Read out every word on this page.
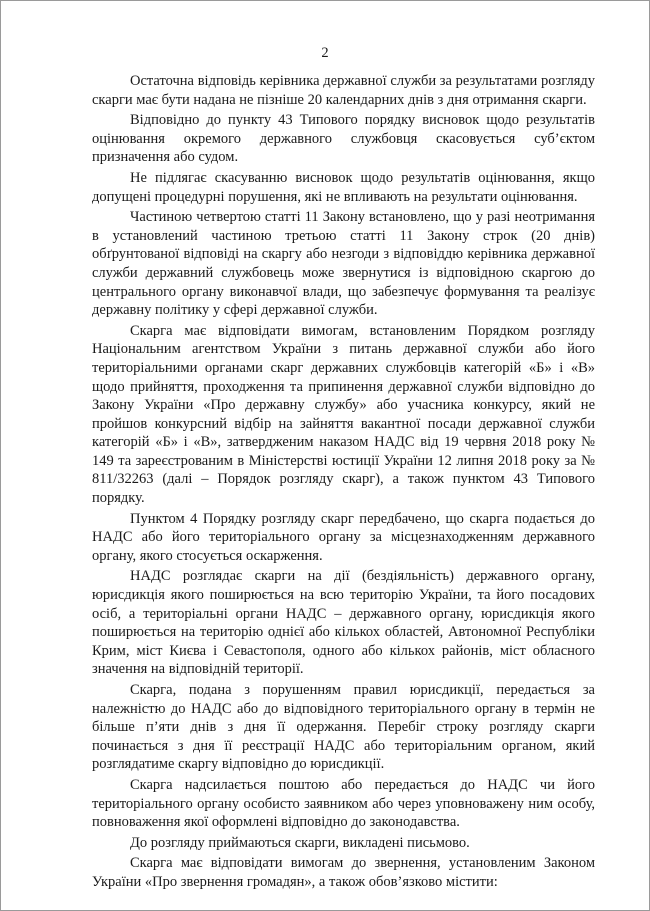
2

Остаточна відповідь керівника державної служби за результатами розгляду скарги має бути надана не пізніше 20 календарних днів з дня отримання скарги.

Відповідно до пункту 43 Типового порядку висновок щодо результатів оцінювання окремого державного службовця скасовується суб’єктом призначення або судом.

Не підлягає скасуванню висновок щодо результатів оцінювання, якщо допущені процедурні порушення, які не впливають на результати оцінювання.

Частиною четвертою статті 11 Закону встановлено, що у разі неотримання в установлений частиною третьою статті 11 Закону строк (20 днів) обґрунтованої відповіді на скаргу або незгоди з відповіддю керівника державної служби державний службовець може звернутися із відповідною скаргою до центрального органу виконавчої влади, що забезпечує формування та реалізує державну політику у сфері державної служби.

Скарга має відповідати вимогам, встановленим Порядком розгляду Національним агентством України з питань державної служби або його територіальними органами скарг державних службовців категорій «Б» і «В» щодо прийняття, проходження та припинення державної служби відповідно до Закону України «Про державну службу» або учасника конкурсу, який не пройшов конкурсний відбір на зайняття вакантної посади державної служби категорій «Б» і «В», затвердженим наказом НАДС від 19 червня 2018 року № 149 та зареєстрованим в Міністерстві юстиції України 12 липня 2018 року за № 811/32263 (далі – Порядок розгляду скарг), а також пунктом 43 Типового порядку.

Пунктом 4 Порядку розгляду скарг передбачено, що скарга подається до НАДС або його територіального органу за місцезнаходженням державного органу, якого стосується оскарження.

НАДС розглядає скарги на дії (бездіяльність) державного органу, юрисдикція якого поширюється на всю територію України, та його посадових осіб, а територіальні органи НАДС – державного органу, юрисдикція якого поширюється на територію однієї або кількох областей, Автономної Республіки Крим, міст Києва і Севастополя, одного або кількох районів, міст обласного значення на відповідній території.

Скарга, подана з порушенням правил юрисдикції, передається за належністю до НАДС або до відповідного територіального органу в термін не більше п’яти днів з дня її одержання. Перебіг строку розгляду скарги починається з дня її реєстрації НАДС або територіальним органом, який розглядатиме скаргу відповідно до юрисдикції.

Скарга надсилається поштою або передається до НАДС чи його територіального органу особисто заявником або через уповноважену ним особу, повноваження якої оформлені відповідно до законодавства.

До розгляду приймаються скарги, викладені письмово.

Скарга має відповідати вимогам до звернення, установленим Законом України «Про звернення громадян», а також обов’язково містити:
